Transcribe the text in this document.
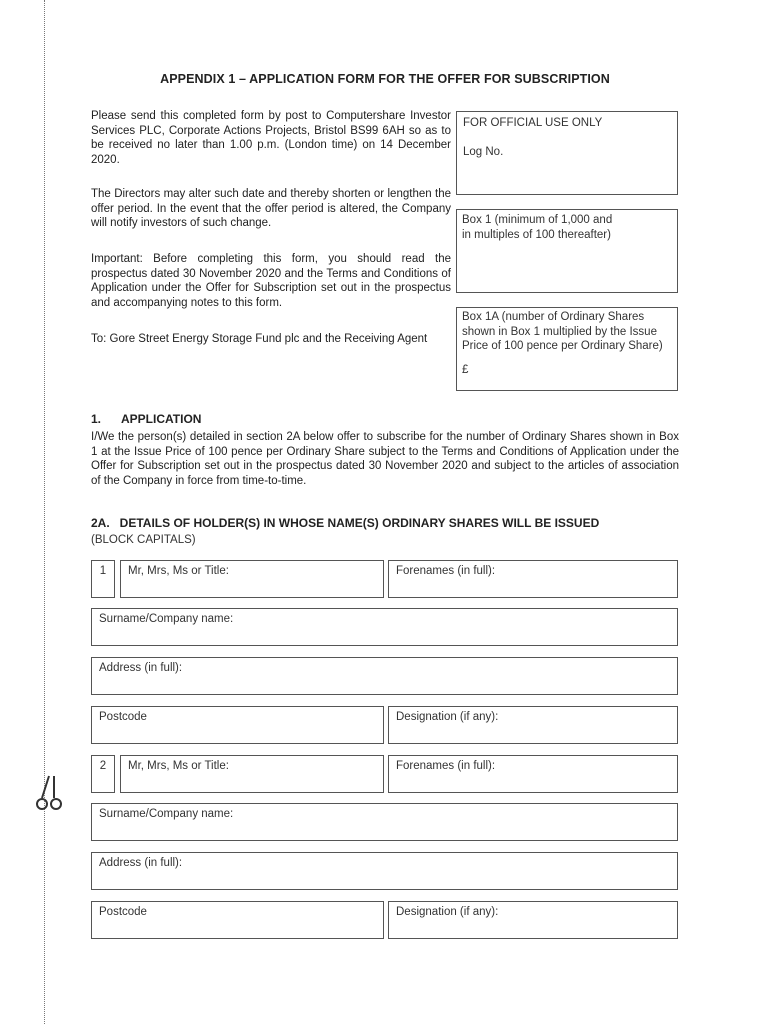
APPENDIX 1 – APPLICATION FORM FOR THE OFFER FOR SUBSCRIPTION

Please send this completed form by post to Computershare Investor Services PLC, Corporate Actions Projects, Bristol BS99 6AH so as to be received no later than 1.00 p.m. (London time) on 14 December 2020.

The Directors may alter such date and thereby shorten or lengthen the offer period. In the event that the offer period is altered, the Company will notify investors of such change.

Important: Before completing this form, you should read the prospectus dated 30 November 2020 and the Terms and Conditions of Application under the Offer for Subscription set out in the prospectus and accompanying notes to this form.

To: Gore Street Energy Storage Fund plc and the Receiving Agent

FOR OFFICIAL USE ONLY
Log No.
Box 1 (minimum of 1,000 and
in multiples of 100 thereafter)
Box 1A (number of Ordinary Shares shown in Box 1 multiplied by the Issue Price of 100 pence per Ordinary Share)
£
1. APPLICATION

I/We the person(s) detailed in section 2A below offer to subscribe for the number of Ordinary Shares shown in Box 1 at the Issue Price of 100 pence per Ordinary Share subject to the Terms and Conditions of Application under the Offer for Subscription set out in the prospectus dated 30 November 2020 and subject to the articles of association of the Company in force from time-to-time.

2A.   DETAILS OF HOLDER(S) IN WHOSE NAME(S) ORDINARY SHARES WILL BE ISSUED
(BLOCK CAPITALS)
1	Mr, Mrs, Ms or Title:	Forenames (in full):
Surname/Company name:
Address (in full):
Postcode	Designation (if any):
2	Mr, Mrs, Ms or Title:	Forenames (in full):
Surname/Company name:
Address (in full):
Postcode	Designation (if any):
